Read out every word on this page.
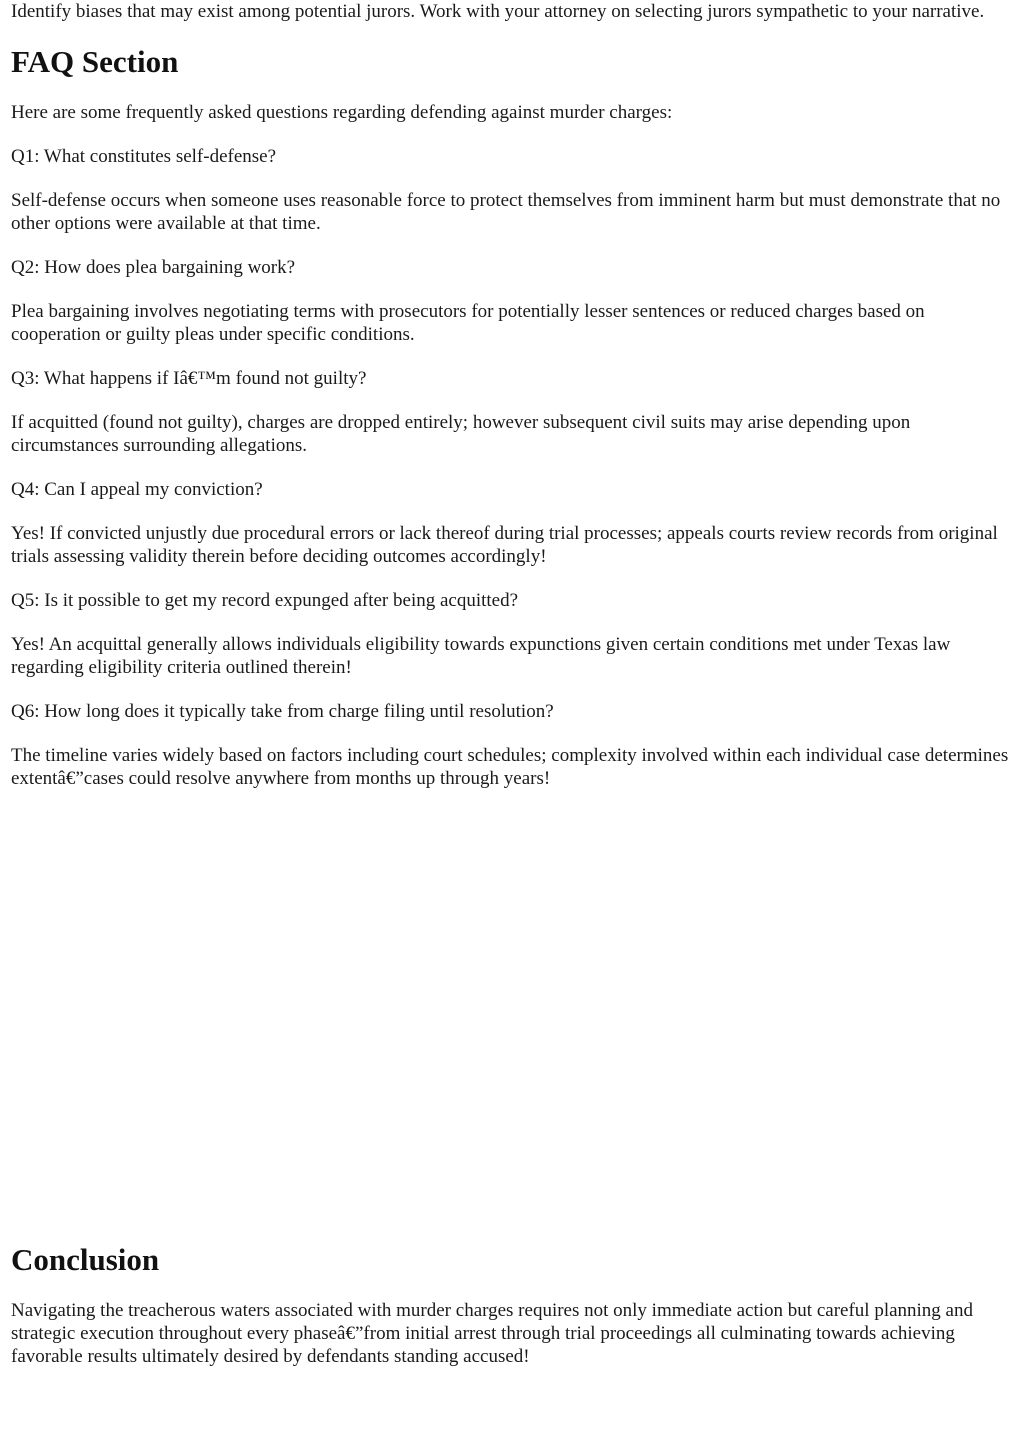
Identify biases that may exist among potential jurors. Work with your attorney on selecting jurors sympathetic to your narrative.

FAQ Section

Here are some frequently asked questions regarding defending against murder charges:

Q1: What constitutes self-defense?

Self-defense occurs when someone uses reasonable force to protect themselves from imminent harm but must demonstrate that no other options were available at that time.

Q2: How does plea bargaining work?

Plea bargaining involves negotiating terms with prosecutors for potentially lesser sentences or reduced charges based on cooperation or guilty pleas under specific conditions.

Q3: What happens if Iâ€™m found not guilty?

If acquitted (found not guilty), charges are dropped entirely; however subsequent civil suits may arise depending upon circumstances surrounding allegations.

Q4: Can I appeal my conviction?

Yes! If convicted unjustly due procedural errors or lack thereof during trial processes; appeals courts review records from original trials assessing validity therein before deciding outcomes accordingly!

Q5: Is it possible to get my record expunged after being acquitted?

Yes! An acquittal generally allows individuals eligibility towards expunctions given certain conditions met under Texas law regarding eligibility criteria outlined therein!

Q6: How long does it typically take from charge filing until resolution?

The timeline varies widely based on factors including court schedules; complexity involved within each individual case determines extentâ€”cases could resolve anywhere from months up through years!

Conclusion

Navigating the treacherous waters associated with murder charges requires not only immediate action but careful planning and strategic execution throughout every phaseâ€”from initial arrest through trial proceedings all culminating towards achieving favorable results ultimately desired by defendants standing accused!
